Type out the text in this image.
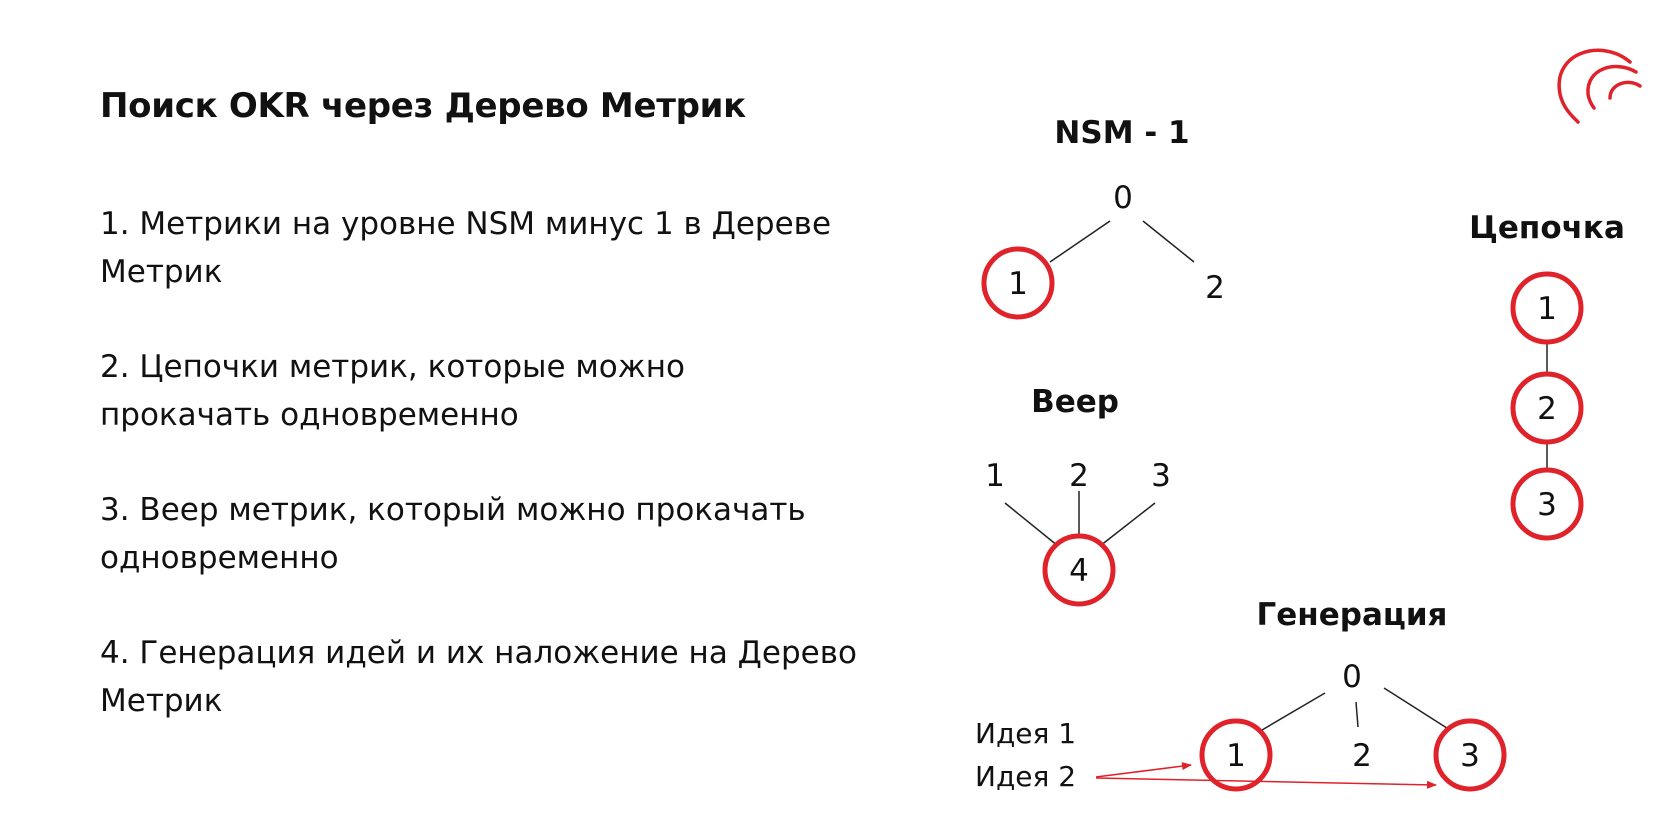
Поиск OKR через Дерево Метрик
1. Метрики на уровне NSM минус 1 в Дереве Метрик
2. Цепочки метрик, которые можно прокачать одновременно
3. Веер метрик, который можно прокачать одновременно
4. Генерация идей и их наложение на Дерево Метрик
NSM - 1
0
1	2
Цепочка
1
2
3
Веер
1 2 3
4
Генерация
0
1	2	3
Идея 1
Идея 2
